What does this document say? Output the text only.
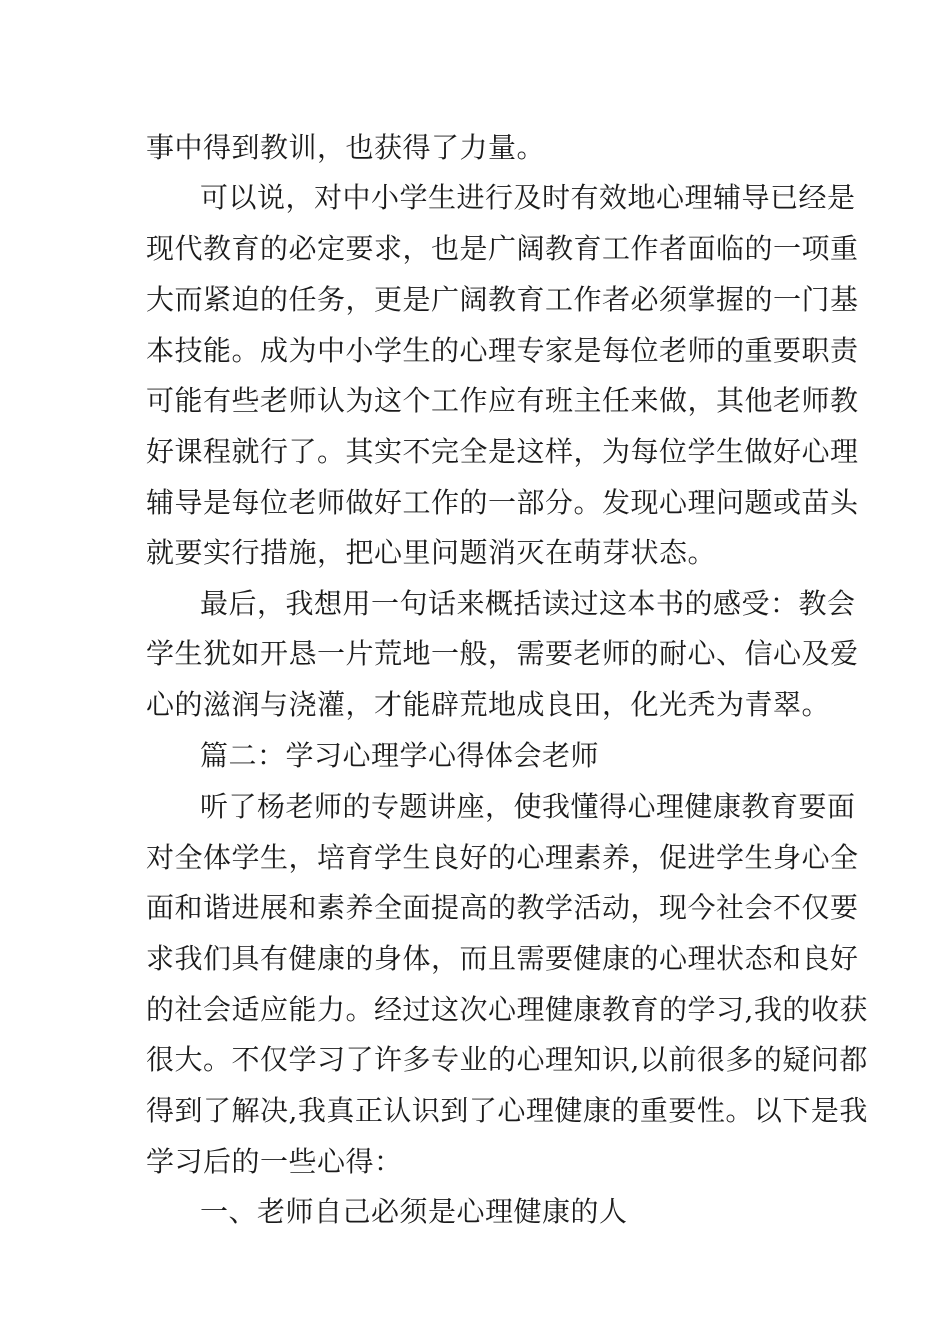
事中得到教训，也获得了力量。
可以说，对中小学生进行及时有效地心理辅导已经是
现代教育的必定要求，也是广阔教育工作者面临的一项重
大而紧迫的任务，更是广阔教育工作者必须掌握的一门基
本技能。成为中小学生的心理专家是每位老师的重要职责
可能有些老师认为这个工作应有班主任来做，其他老师教
好课程就行了。其实不完全是这样，为每位学生做好心理
辅导是每位老师做好工作的一部分。发现心理问题或苗头
就要实行措施，把心里问题消灭在萌芽状态。
最后，我想用一句话来概括读过这本书的感受：教会
学生犹如开恳一片荒地一般，需要老师的耐心、信心及爱
心的滋润与浇灌，才能辟荒地成良田，化光秃为青翠。
篇二：学习心理学心得体会老师
听了杨老师的专题讲座，使我懂得心理健康教育要面
对全体学生，培育学生良好的心理素养，促进学生身心全
面和谐进展和素养全面提高的教学活动，现今社会不仅要
求我们具有健康的身体，而且需要健康的心理状态和良好
的社会适应能力。经过这次心理健康教育的学习,我的收获
很大。不仅学习了许多专业的心理知识,以前很多的疑问都
得到了解决,我真正认识到了心理健康的重要性。以下是我
学习后的一些心得：
一、老师自己必须是心理健康的人
